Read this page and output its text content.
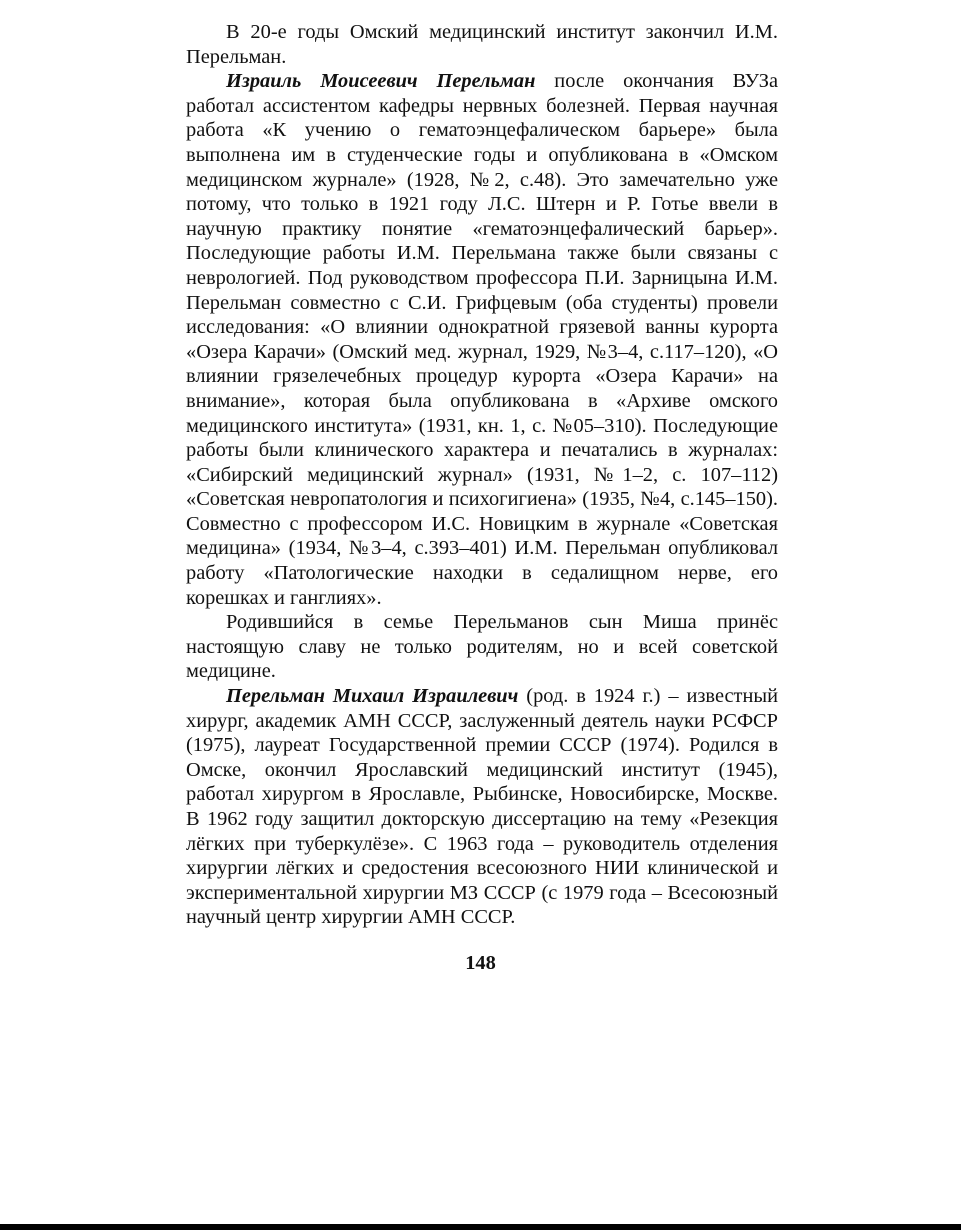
В 20-е годы Омский медицинский институт закончил И.М. Перельман.

Израиль Моисеевич Перельман после окончания ВУЗа работал ассистентом кафедры нервных болезней. Первая научная работа «К учению о гематоэнцефалическом барьере» была выполнена им в студенческие годы и опубликована в «Омском медицинском журнале» (1928, №2, с.48). Это замечательно уже потому, что только в 1921 году Л.С. Штерн и Р. Готье ввели в научную практику понятие «гематоэнцефалический барьер». Последующие работы И.М. Перельмана также были связаны с неврологией. Под руководством профессора П.И. Зарницына И.М. Перельман совместно с С.И. Грифцевым (оба студенты) провели исследования: «О влиянии однократной грязевой ванны курорта «Озера Карачи» (Омский мед. журнал, 1929, №3–4, с.117–120), «О влиянии грязелечебных процедур курорта «Озера Карачи» на внимание», которая была опубликована в «Архиве омского медицинского института» (1931, кн. 1, с. №05–310). Последующие работы были клинического характера и печатались в журналах: «Сибирский медицинский журнал» (1931, №1–2, с. 107–112) «Советская невропатология и психогигиена» (1935, №4, с.145–150). Совместно с профессором И.С. Новицким в журнале «Советская медицина» (1934, №3–4, с.393–401) И.М. Перельман опубликовал работу «Патологические находки в седалищном нерве, его корешках и ганглиях».

Родившийся в семье Перельманов сын Миша принёс настоящую славу не только родителям, но и всей советской медицине.

Перельман Михаил Израилевич (род. в 1924 г.) – известный хирург, академик АМН СССР, заслуженный деятель науки РСФСР (1975), лауреат Государственной премии СССР (1974). Родился в Омске, окончил Ярославский медицинский институт (1945), работал хирургом в Ярославле, Рыбинске, Новосибирске, Москве. В 1962 году защитил докторскую диссертацию на тему «Резекция лёгких при туберкулёзе». С 1963 года – руководитель отделения хирургии лёгких и средостения всесоюзного НИИ клинической и экспериментальной хирургии МЗ СССР (с 1979 года – Всесоюзный научный центр хирургии АМН СССР.

148
